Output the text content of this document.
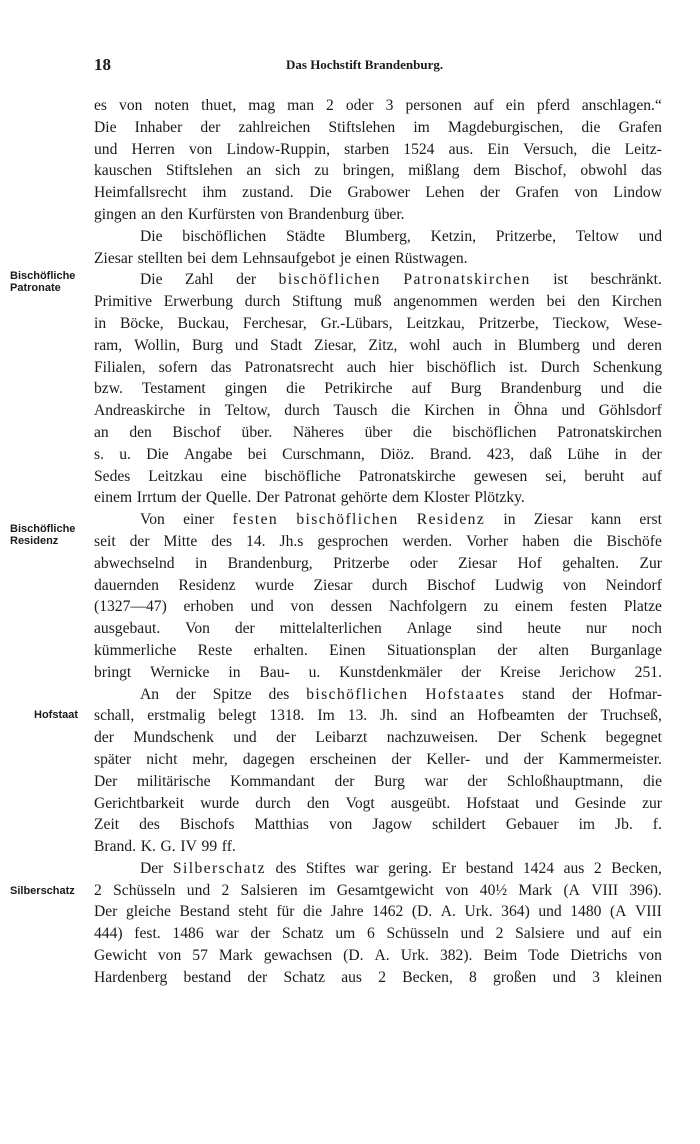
18	Das Hochstift Brandenburg.
Bischöfliche
Patronate
Bischöfliche
Residenz
Hofstaat
Silberschatz
es von noten thuet, mag man 2 oder 3 personen auf ein pferd anschlagen.“
Die Inhaber der zahlreichen Stiftslehen im Magdeburgischen, die Grafen
und Herren von Lindow-Ruppin, starben 1524 aus. Ein Versuch, die Leitz-
kauschen Stiftslehen an sich zu bringen, mißlang dem Bischof, obwohl das
Heimfallsrecht ihm zustand. Die Grabower Lehen der Grafen von Lindow
gingen an den Kurfürsten von Brandenburg über.
Die bischöflichen Städte Blumberg, Ketzin, Pritzerbe, Teltow und
Ziesar stellten bei dem Lehnsaufgebot je einen Rüstwagen.
Die Zahl der bischöflichen Patronatskirchen ist beschränkt.
Primitive Erwerbung durch Stiftung muß angenommen werden bei den Kirchen
in Böcke, Buckau, Ferchesar, Gr.-Lübars, Leitzkau, Pritzerbe, Tieckow, Wese-
ram, Wollin, Burg und Stadt Ziesar, Zitz, wohl auch in Blumberg und deren
Filialen, sofern das Patronatsrecht auch hier bischöflich ist. Durch Schenkung
bzw. Testament gingen die Petrikirche auf Burg Brandenburg und die
Andreaskirche in Teltow, durch Tausch die Kirchen in Öhna und Göhlsdorf
an den Bischof über. Näheres über die bischöflichen Patronatskirchen
s. u. Die Angabe bei Curschmann, Diöz. Brand. 423, daß Lühe in der
Sedes Leitzkau eine bischöfliche Patronatskirche gewesen sei, beruht auf
einem Irrtum der Quelle. Der Patronat gehörte dem Kloster Plötzky.
Von einer festen bischöflichen Residenz in Ziesar kann erst
seit der Mitte des 14. Jh.s gesprochen werden. Vorher haben die Bischöfe
abwechselnd in Brandenburg, Pritzerbe oder Ziesar Hof gehalten. Zur
dauernden Residenz wurde Ziesar durch Bischof Ludwig von Neindorf
(1327—47) erhoben und von dessen Nachfolgern zu einem festen Platze
ausgebaut. Von der mittelalterlichen Anlage sind heute nur noch
kümmerliche Reste erhalten. Einen Situationsplan der alten Burganlage
bringt Wernicke in Bau- u. Kunstdenkmäler der Kreise Jerichow 251.
An der Spitze des bischöflichen Hofstaates stand der Hofmar-
schall, erstmalig belegt 1318. Im 13. Jh. sind an Hofbeamten der Truchseß,
der Mundschenk und der Leibarzt nachzuweisen. Der Schenk begegnet
später nicht mehr, dagegen erscheinen der Keller- und der Kammermeister.
Der militärische Kommandant der Burg war der Schloßhauptmann, die
Gerichtbarkeit wurde durch den Vogt ausgeübt. Hofstaat und Gesinde zur
Zeit des Bischofs Matthias von Jagow schildert Gebauer im Jb. f.
Brand. K. G. IV 99 ff.
Der Silberschatz des Stiftes war gering. Er bestand 1424 aus 2 Becken,
2 Schüsseln und 2 Salsieren im Gesamtgewicht von 40½ Mark (A VIII 396).
Der gleiche Bestand steht für die Jahre 1462 (D. A. Urk. 364) und 1480 (A VIII
444) fest. 1486 war der Schatz um 6 Schüsseln und 2 Salsiere und auf ein
Gewicht von 57 Mark gewachsen (D. A. Urk. 382). Beim Tode Dietrichs von
Hardenberg bestand der Schatz aus 2 Becken, 8 großen und 3 kleinen
